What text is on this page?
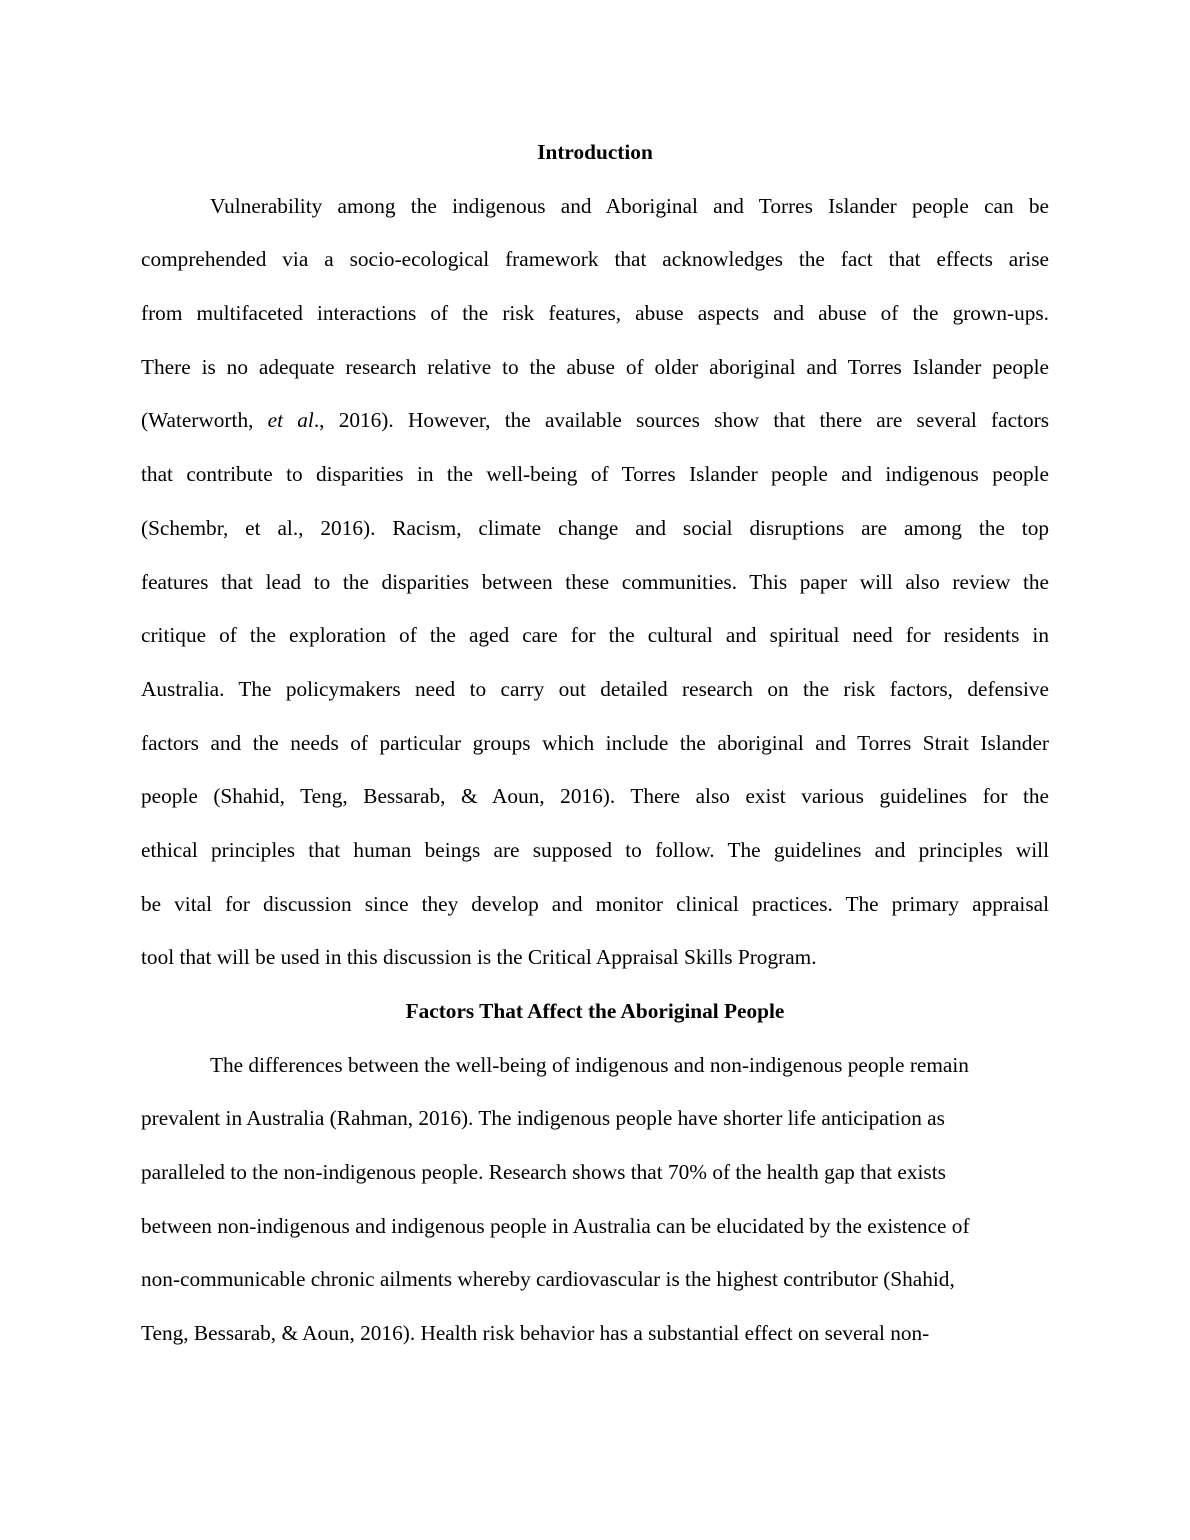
Introduction
Vulnerability among the indigenous and Aboriginal and Torres Islander people can be
comprehended via a socio-ecological framework that acknowledges the fact that effects arise
from multifaceted interactions of the risk features, abuse aspects and abuse of the grown-ups.
There is no adequate research relative to the abuse of older aboriginal and Torres Islander people
(Waterworth, et al., 2016). However, the available sources show that there are several factors
that contribute to disparities in the well-being of Torres Islander people and indigenous people
(Schembr, et al., 2016). Racism, climate change and social disruptions are among the top
features that lead to the disparities between these communities. This paper will also review the
critique of the exploration of the aged care for the cultural and spiritual need for residents in
Australia. The policymakers need to carry out detailed research on the risk factors, defensive
factors and the needs of particular groups which include the aboriginal and Torres Strait Islander
people (Shahid, Teng, Bessarab, & Aoun, 2016). There also exist various guidelines for the
ethical principles that human beings are supposed to follow. The guidelines and principles will
be vital for discussion since they develop and monitor clinical practices. The primary appraisal
tool that will be used in this discussion is the Critical Appraisal Skills Program.
Factors That Affect the Aboriginal People
The differences between the well-being of indigenous and non-indigenous people remain
prevalent in Australia (Rahman, 2016). The indigenous people have shorter life anticipation as
paralleled to the non-indigenous people. Research shows that 70% of the health gap that exists
between non-indigenous and indigenous people in Australia can be elucidated by the existence of
non-communicable chronic ailments whereby cardiovascular is the highest contributor (Shahid,
Teng, Bessarab, & Aoun, 2016). Health risk behavior has a substantial effect on several non-
